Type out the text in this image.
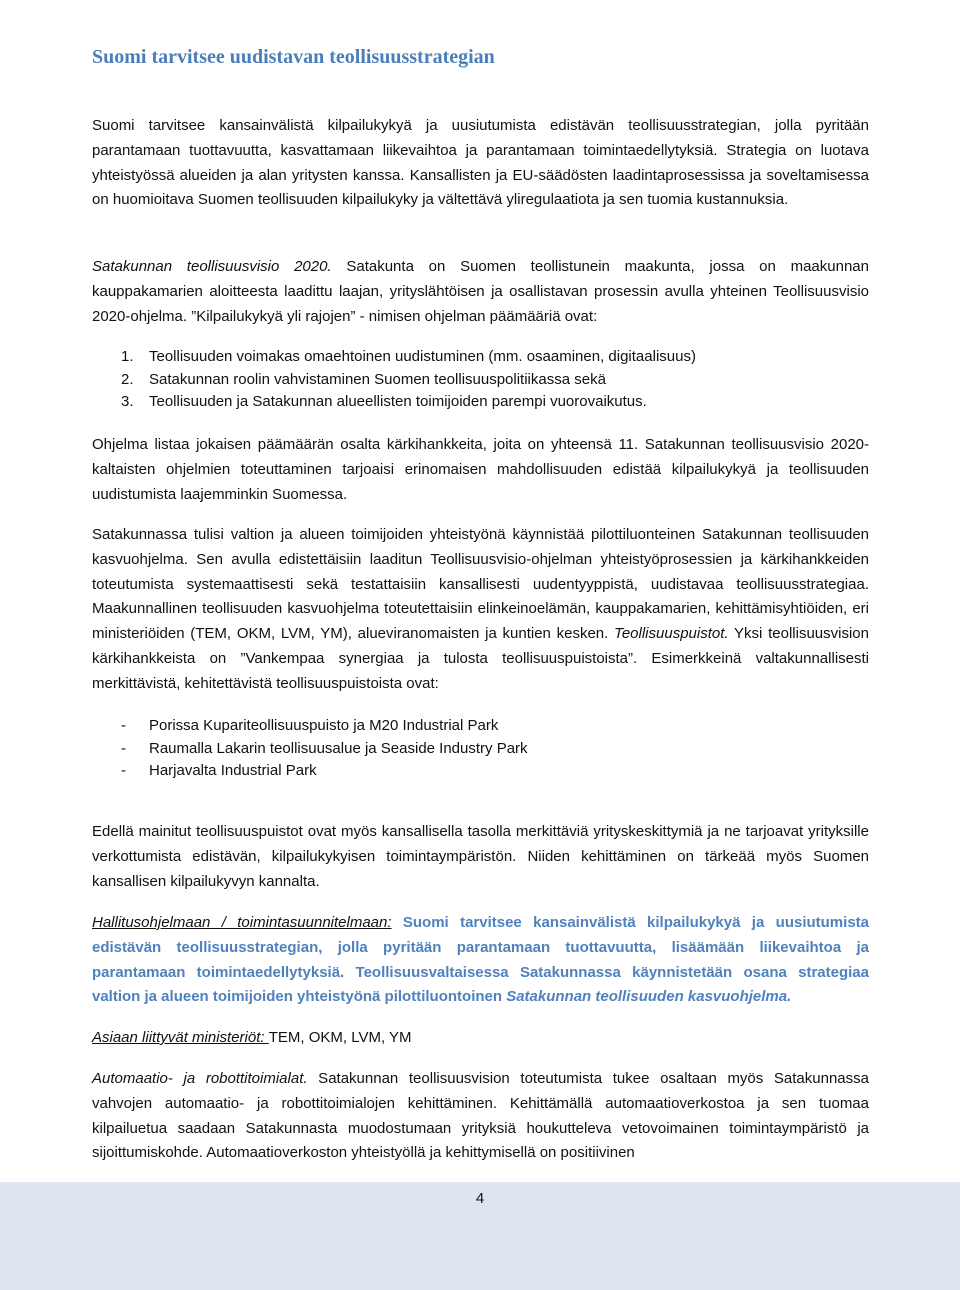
Suomi tarvitsee uudistavan teollisuusstrategian

Suomi tarvitsee kansainvälistä kilpailukykyä ja uusiutumista edistävän teollisuusstrategian, jolla pyritään parantamaan tuottavuutta, kasvattamaan liikevaihtoa ja parantamaan toimintaedellytyksiä. Strategia on luotava yhteistyössä alueiden ja alan yritysten kanssa. Kansallisten ja EU-säädösten laadintaprosessissa ja soveltamisessa on huomioitava Suomen teollisuuden kilpailukyky ja vältettävä yliregulaatiota ja sen tuomia kustannuksia.

Satakunnan teollisuusvisio 2020. Satakunta on Suomen teollistunein maakunta, jossa on maakunnan kauppakamarien aloitteesta laadittu laajan, yrityslähtöisen ja osallistavan prosessin avulla yhteinen Teollisuusvisio 2020-ohjelma. ”Kilpailukykyä yli rajojen” - nimisen ohjelman päämääriä ovat:

1. Teollisuuden voimakas omaehtoinen uudistuminen (mm. osaaminen, digitaalisuus)
2. Satakunnan roolin vahvistaminen Suomen teollisuuspolitiikassa sekä
3. Teollisuuden ja Satakunnan alueellisten toimijoiden parempi vuorovaikutus.

Ohjelma listaa jokaisen päämäärän osalta kärkihankkeita, joita on yhteensä 11. Satakunnan teollisuusvisio 2020-kaltaisten ohjelmien toteuttaminen tarjoaisi erinomaisen mahdollisuuden edistää kilpailukykyä ja teollisuuden uudistumista laajemminkin Suomessa.

Satakunnassa tulisi valtion ja alueen toimijoiden yhteistyönä käynnistää pilottiluonteinen Satakunnan teollisuuden kasvuohjelma. Sen avulla edistettäisiin laaditun Teollisuusvisio-ohjelman yhteistyöprosessien ja kärkihankkeiden toteutumista systemaattisesti sekä testattaisiin kansallisesti uudentyyppistä, uudistavaa teollisuusstrategiaa. Maakunnallinen teollisuuden kasvuohjelma toteutettaisiin elinkeinoelämän, kauppakamarien, kehittämisyhtiöiden, eri ministeriöiden (TEM, OKM, LVM, YM), alueviranomaisten ja kuntien kesken. Teollisuuspuistot. Yksi teollisuusvision kärkihankkeista on ”Vankempaa synergiaa ja tulosta teollisuuspuistoista”. Esimerkkeinä valtakunnallisesti merkittävistä, kehitettävistä teollisuuspuistoista ovat:

- Porissa Kupariteollisuuspuisto ja M20 Industrial Park
- Raumalla Lakarin teollisuusalue ja Seaside Industry Park
- Harjavalta Industrial Park

Edellä mainitut teollisuuspuistot ovat myös kansallisella tasolla merkittäviä yrityskeskittymiä ja ne tarjoavat yrityksille verkottumista edistävän, kilpailukykyisen toimintaympäristön. Niiden kehittäminen on tärkeää myös Suomen kansallisen kilpailukyvyn kannalta.

Hallitusohjelmaan / toimintasuunnitelmaan: Suomi tarvitsee kansainvälistä kilpailukykyä ja uusiutumista edistävän teollisuusstrategian, jolla pyritään parantamaan tuottavuutta, lisäämään liikevaihtoa ja parantamaan toimintaedellytyksiä. Teollisuusvaltaisessa Satakunnassa käynnistetään osana strategiaa valtion ja alueen toimijoiden yhteistyönä pilottiluontoinen Satakunnan teollisuuden kasvuohjelma.

Asiaan liittyvät ministeriöt: TEM, OKM, LVM, YM

Automaatio- ja robottitoimialat. Satakunnan teollisuusvision toteutumista tukee osaltaan myös Satakunnassa vahvojen automaatio- ja robottitoimialojen kehittäminen. Kehittämällä automaatioverkostoa ja sen tuomaa kilpailuetua saadaan Satakunnasta muodostumaan yrityksiä houkutteleva vetovoimainen toimintaympäristö ja sijoittumiskohde. Automaatioverkoston yhteistyöllä ja kehittymisellä on positiivinen

4
